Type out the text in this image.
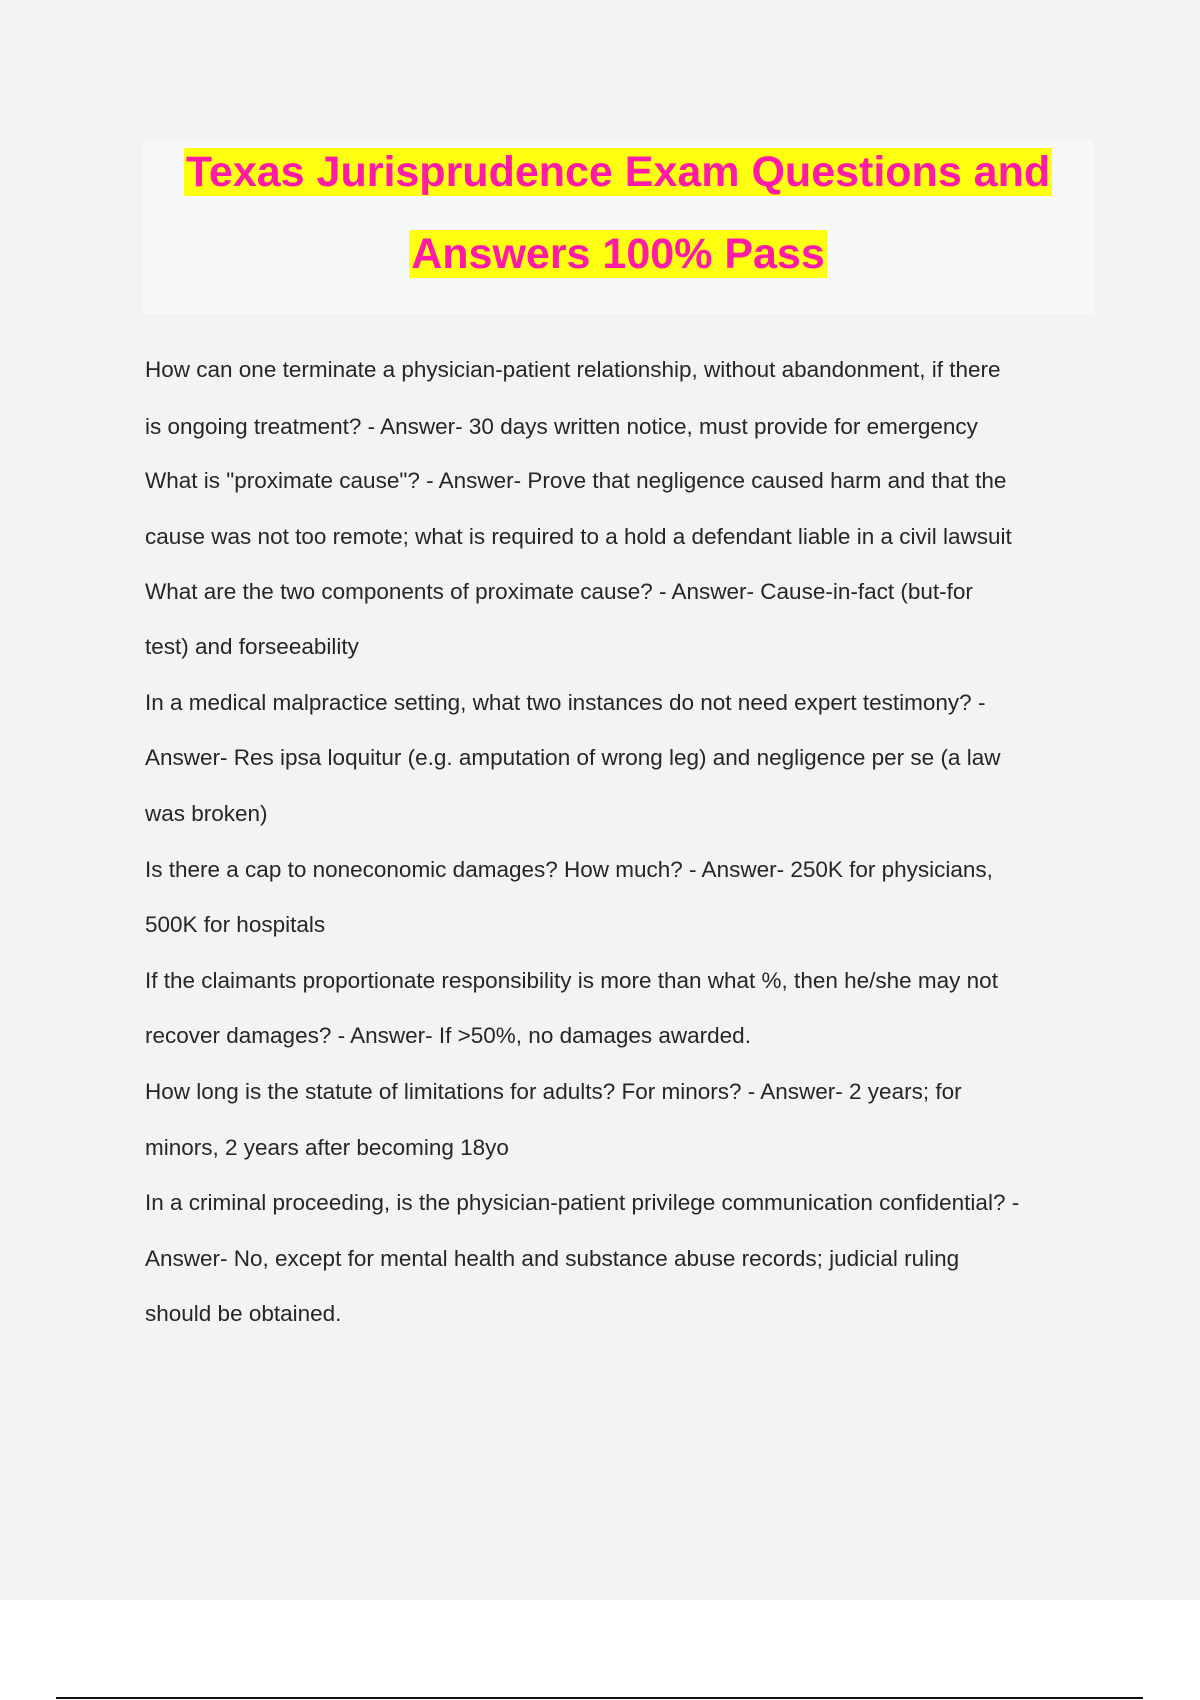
Texas Jurisprudence Exam Questions and
Answers 100% Pass
How can one terminate a physician-patient relationship, without abandonment, if there
is ongoing treatment? - Answer- 30 days written notice, must provide for emergency
What is "proximate cause"? - Answer- Prove that negligence caused harm and that the
cause was not too remote; what is required to a hold a defendant liable in a civil lawsuit
What are the two components of proximate cause? - Answer- Cause-in-fact (but-for
test) and forseeability
In a medical malpractice setting, what two instances do not need expert testimony? -
Answer- Res ipsa loquitur (e.g. amputation of wrong leg) and negligence per se (a law
was broken)
Is there a cap to noneconomic damages? How much? - Answer- 250K for physicians,
500K for hospitals
If the claimants proportionate responsibility is more than what %, then he/she may not
recover damages? - Answer- If >50%, no damages awarded.
How long is the statute of limitations for adults? For minors? - Answer- 2 years; for
minors, 2 years after becoming 18yo
In a criminal proceeding, is the physician-patient privilege communication confidential? -
Answer- No, except for mental health and substance abuse records; judicial ruling
should be obtained.
